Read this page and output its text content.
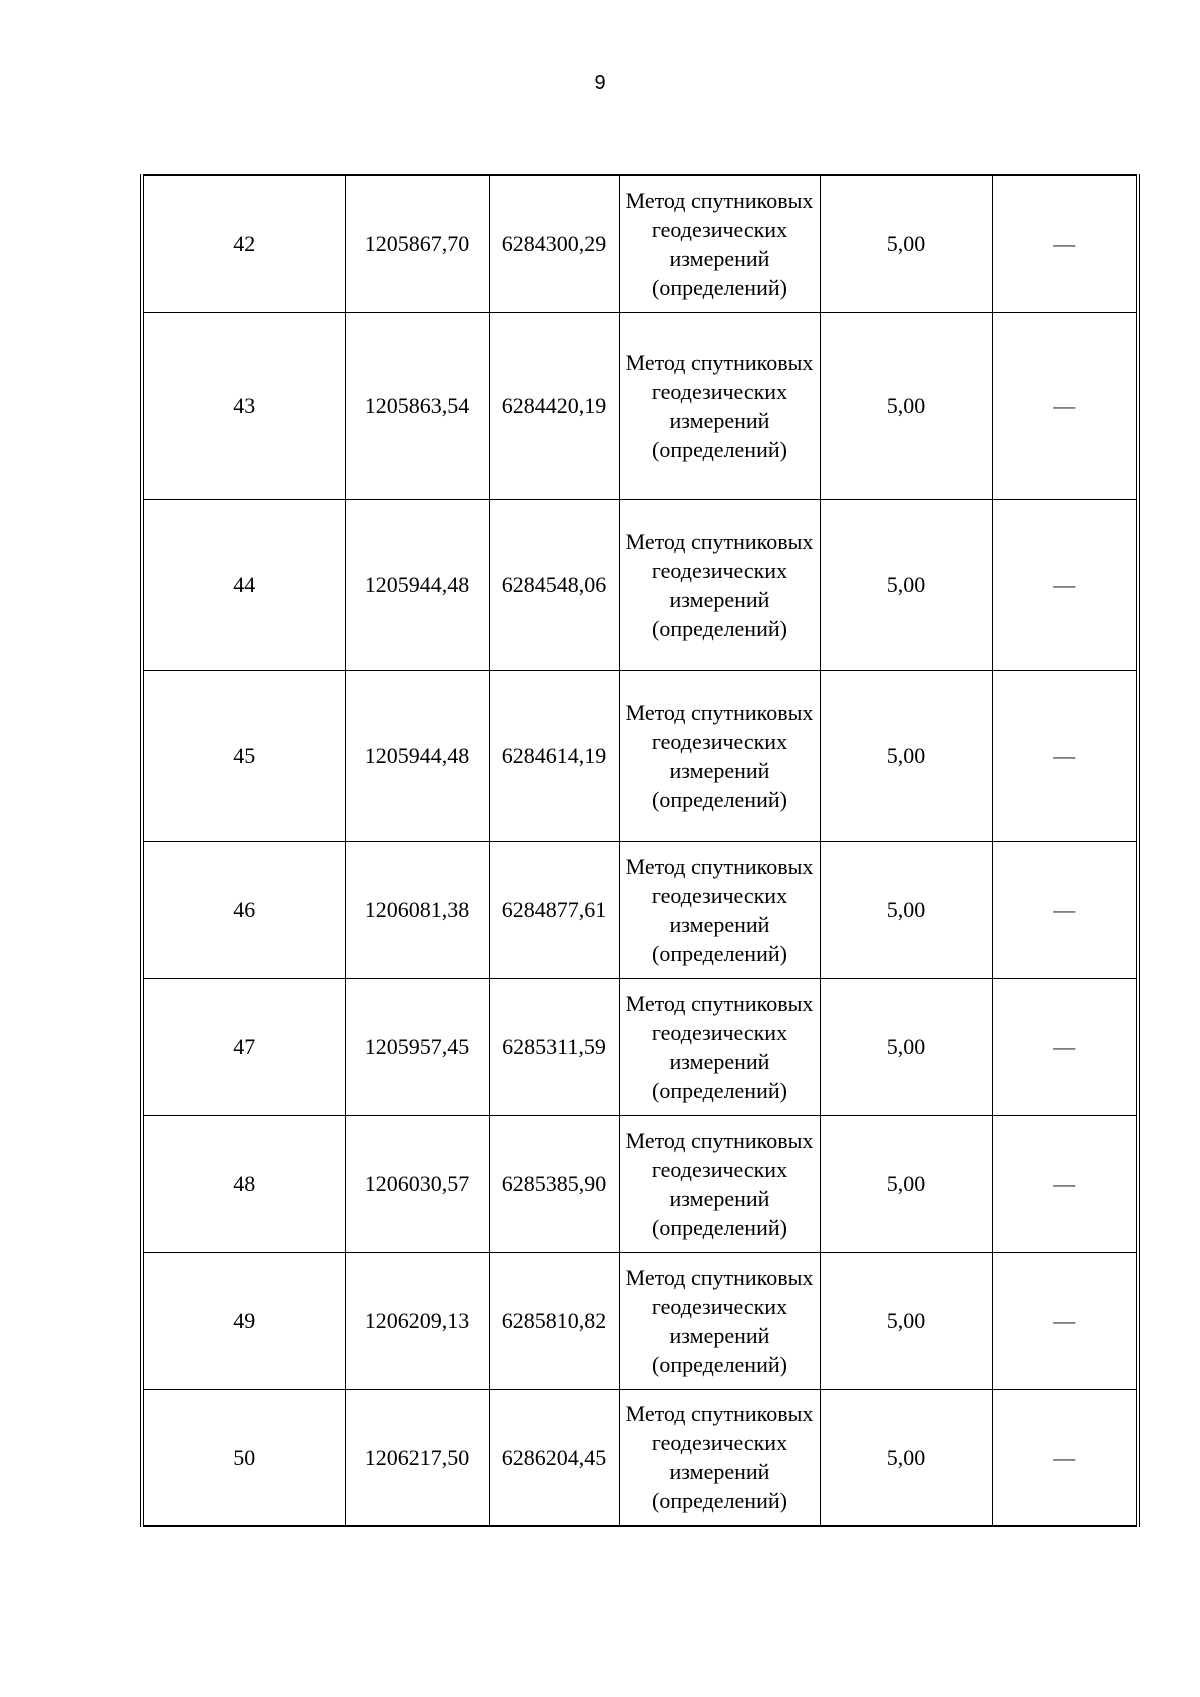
9
42	1205867,70	6284300,29	Метод спутниковых
геодезических
измерений
(определений)	5,00	—
43	1205863,54	6284420,19	Метод спутниковых
геодезических
измерений
(определений)	5,00	—
44	1205944,48	6284548,06	Метод спутниковых
геодезических
измерений
(определений)	5,00	—
45	1205944,48	6284614,19	Метод спутниковых
геодезических
измерений
(определений)	5,00	—
46	1206081,38	6284877,61	Метод спутниковых
геодезических
измерений
(определений)	5,00	—
47	1205957,45	6285311,59	Метод спутниковых
геодезических
измерений
(определений)	5,00	—
48	1206030,57	6285385,90	Метод спутниковых
геодезических
измерений
(определений)	5,00	—
49	1206209,13	6285810,82	Метод спутниковых
геодезических
измерений
(определений)	5,00	—
50	1206217,50	6286204,45	Метод спутниковых
геодезических
измерений
(определений)	5,00	—
